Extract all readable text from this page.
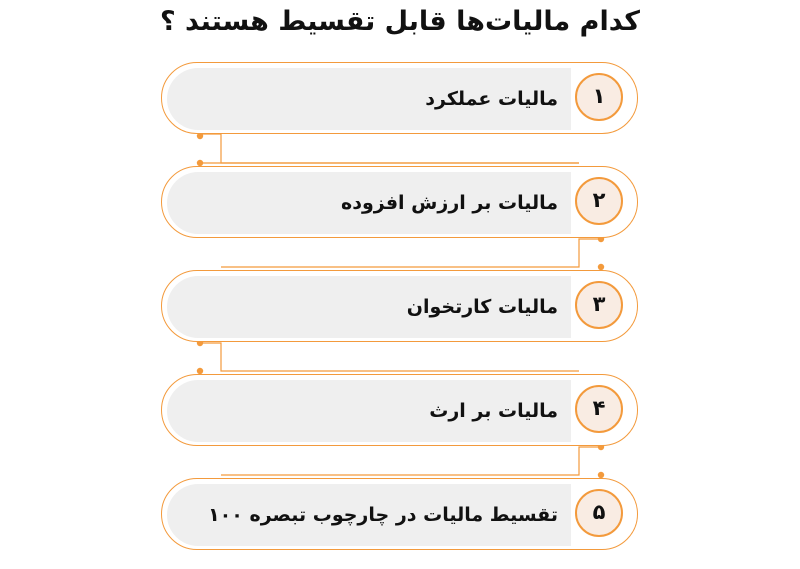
کدام مالیات‌ها قابل تقسیط هستند ؟
مالیات عملکرد	۱
مالیات بر ارزش افزوده	۲
مالیات کارتخوان	۳
مالیات بر ارث	۴
تقسیط مالیات در چارچوب تبصره ۱۰۰	۵
